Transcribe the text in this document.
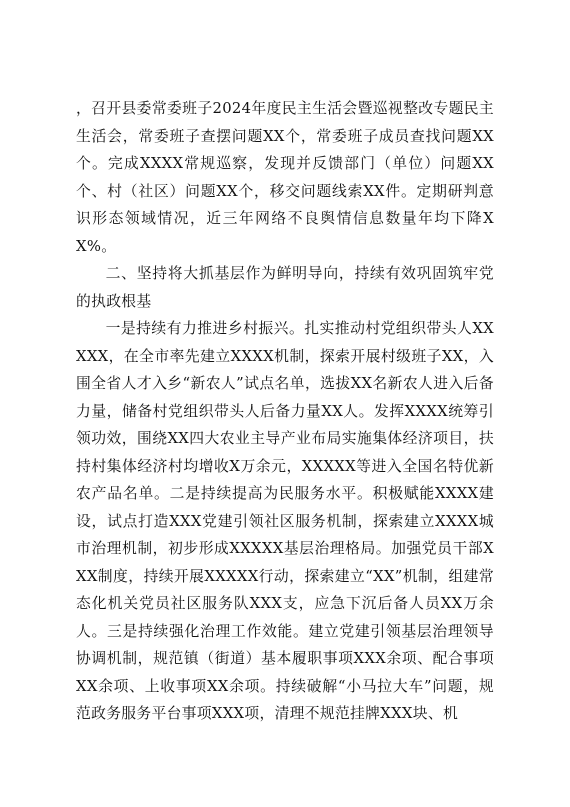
，召开县委常委班子2024年度民主生活会暨巡视整改专题民主生活会，常委班子查摆问题XX个，常委班子成员查找问题XX个。完成XXXX常规巡察，发现并反馈部门（单位）问题XX个、村（社区）问题XX个，移交问题线索XX件。定期研判意识形态领域情况，近三年网络不良舆情信息数量年均下降XX%。

二、坚持将大抓基层作为鲜明导向，持续有效巩固筑牢党的执政根基

一是持续有力推进乡村振兴。扎实推动村党组织带头人XXXXX，在全市率先建立XXXX机制，探索开展村级班子XX，入围全省人才入乡“新农人”试点名单，选拔XX名新农人进入后备力量，储备村党组织带头人后备力量XX人。发挥XXXX统筹引领功效，围绕XX四大农业主导产业布局实施集体经济项目，扶持村集体经济村均增收X万余元，XXXXX等进入全国名特优新农产品名单。二是持续提高为民服务水平。积极赋能XXXX建设，试点打造XXX党建引领社区服务机制，探索建立XXXX城市治理机制，初步形成XXXXX基层治理格局。加强党员干部XXX制度，持续开展XXXXX行动，探索建立“XX”机制，组建常态化机关党员社区服务队XXX支，应急下沉后备人员XX万余人。三是持续强化治理工作效能。建立党建引领基层治理领导协调机制，规范镇（街道）基本履职事项XXX余项、配合事项XX余项、上收事项XX余项。持续破解“小马拉大车”问题，规范政务服务平台事项XXX项，清理不规范挂牌XXX块、机
